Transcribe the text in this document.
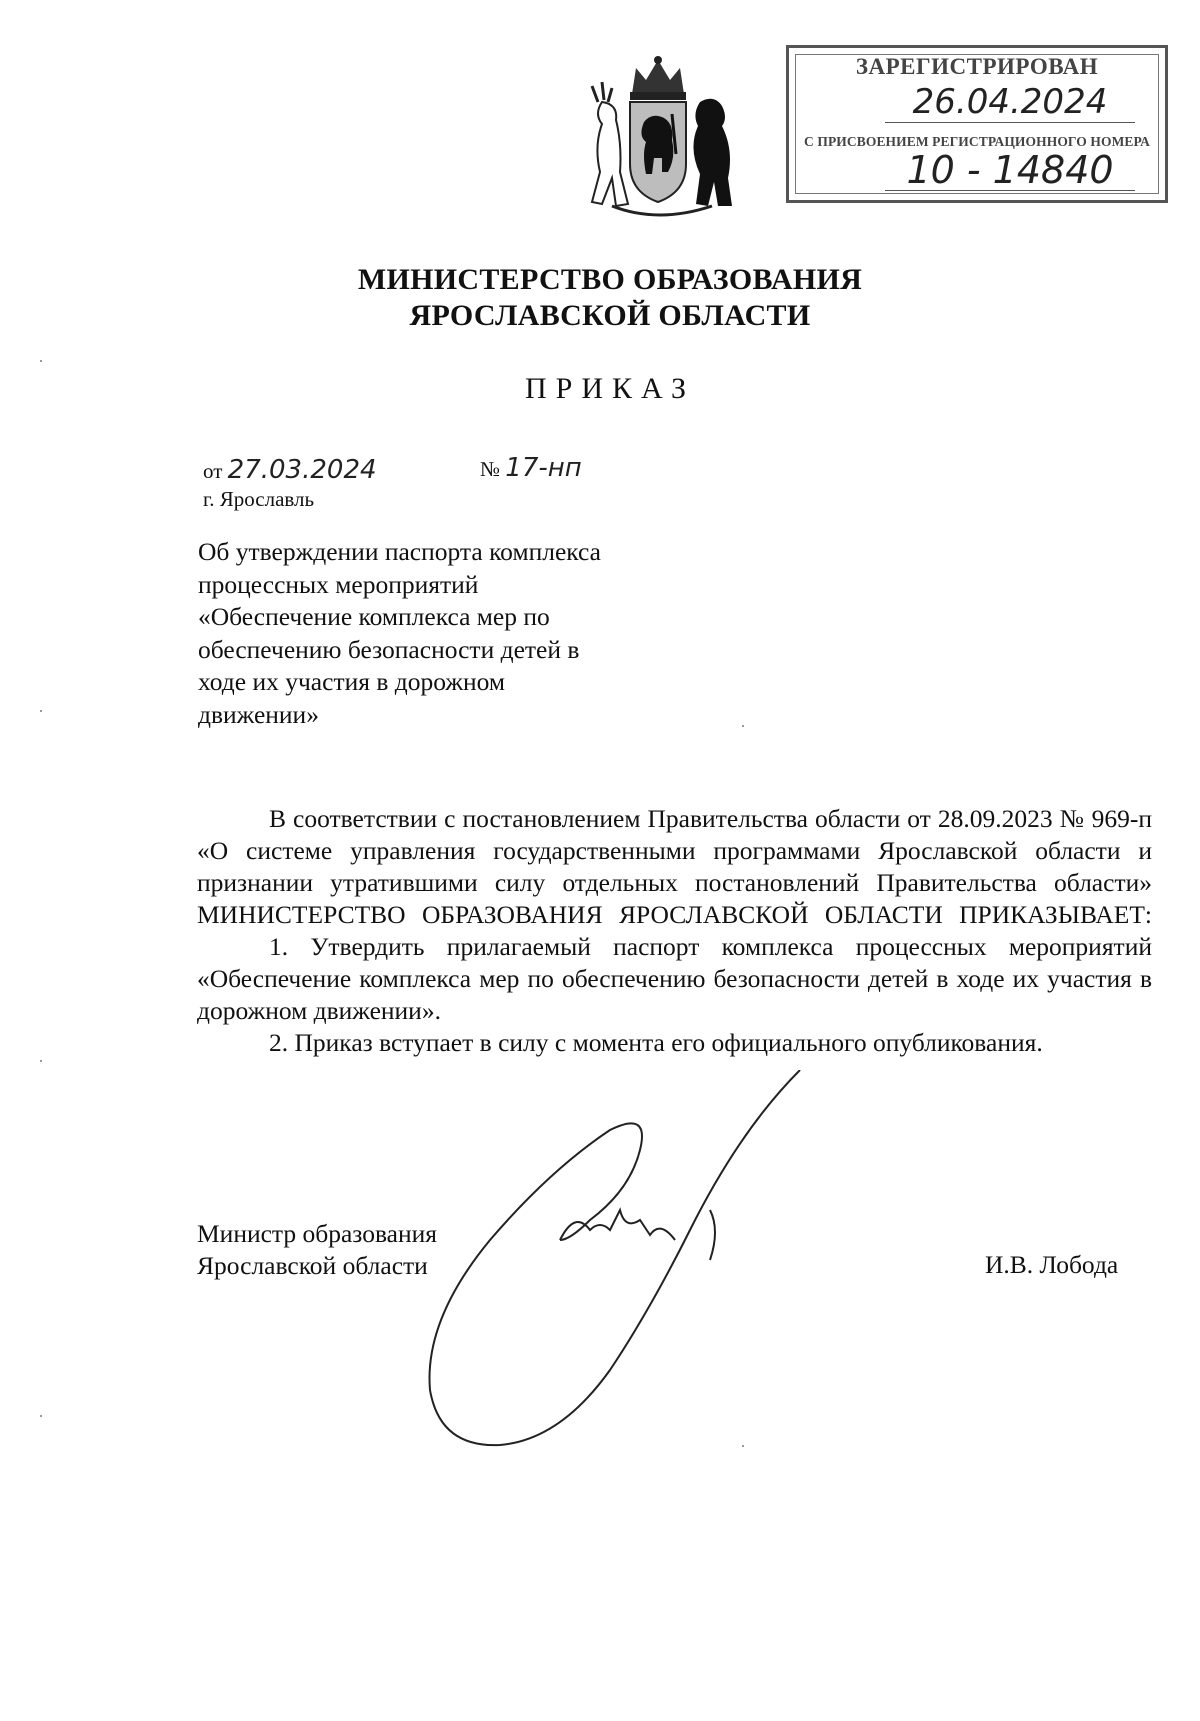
ЗАРЕГИСТРИРОВАН
26.04.2024
С ПРИСВОЕНИЕМ РЕГИСТРАЦИОННОГО НОМЕРА
10 - 14840
МИНИСТЕРСТВО ОБРАЗОВАНИЯ
ЯРОСЛАВСКОЙ ОБЛАСТИ
ПРИКАЗ
от 27.03.2024	№ 17-нп
г. Ярославль
Об утверждении паспорта комплекса процессных мероприятий «Обеспечение комплекса мер по обеспечению безопасности детей в ходе их участия в дорожном движении»

В соответствии с постановлением Правительства области от 28.09.2023 № 969-п «О системе управления государственными программами Ярославской области и признании утратившими силу отдельных постановлений Правительства области»

МИНИСТЕРСТВО ОБРАЗОВАНИЯ ЯРОСЛАВСКОЙ ОБЛАСТИ ПРИКАЗЫВАЕТ:

1. Утвердить прилагаемый паспорт комплекса процессных мероприятий «Обеспечение комплекса мер по обеспечению безопасности детей в ходе их участия в дорожном движении».

2. Приказ вступает в силу с момента его официального опубликования.

Министр образования
Ярославской области	И.В. Лобода
